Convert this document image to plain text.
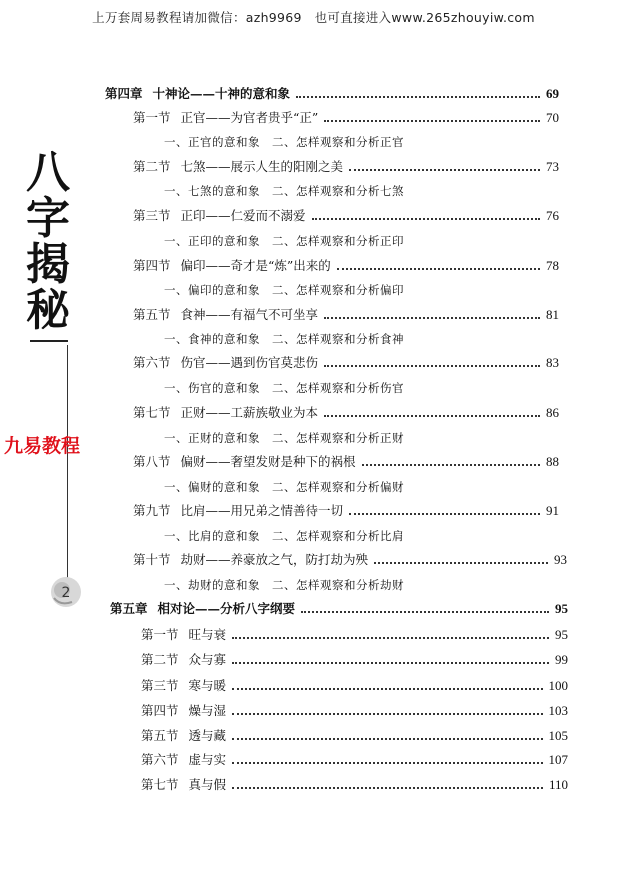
上万套周易教程请加微信：azh9969　也可直接进入www.265zhouyiw.com
八
字
揭
秘
九易教程
2
第四章 十神论——十神的意和象	69
第一节 正官——为官者贵乎“正”	70
一、正官的意和象　二、怎样观察和分析正官
第二节 七煞——展示人生的阳刚之美	73
一、七煞的意和象　二、怎样观察和分析七煞
第三节 正印——仁爱而不溺爱	76
一、正印的意和象　二、怎样观察和分析正印
第四节 偏印——奇才是“炼”出来的	78
一、偏印的意和象　二、怎样观察和分析偏印
第五节 食神——有福气不可坐享	81
一、食神的意和象　二、怎样观察和分析食神
第六节 伤官——遇到伤官莫悲伤	83
一、伤官的意和象　二、怎样观察和分析伤官
第七节 正财——工薪族敬业为本	86
一、正财的意和象　二、怎样观察和分析正财
第八节 偏财——奢望发财是种下的祸根	88
一、偏财的意和象　二、怎样观察和分析偏财
第九节 比肩——用兄弟之情善待一切	91
一、比肩的意和象　二、怎样观察和分析比肩
第十节 劫财——养豪放之气，防打劫为殃	93
一、劫财的意和象　二、怎样观察和分析劫财
第五章 相对论——分析八字纲要	95
第一节 旺与衰	95
第二节 众与寡	99
第三节 寒与暖	100
第四节 燥与湿	103
第五节 透与藏	105
第六节 虚与实	107
第七节 真与假	110
